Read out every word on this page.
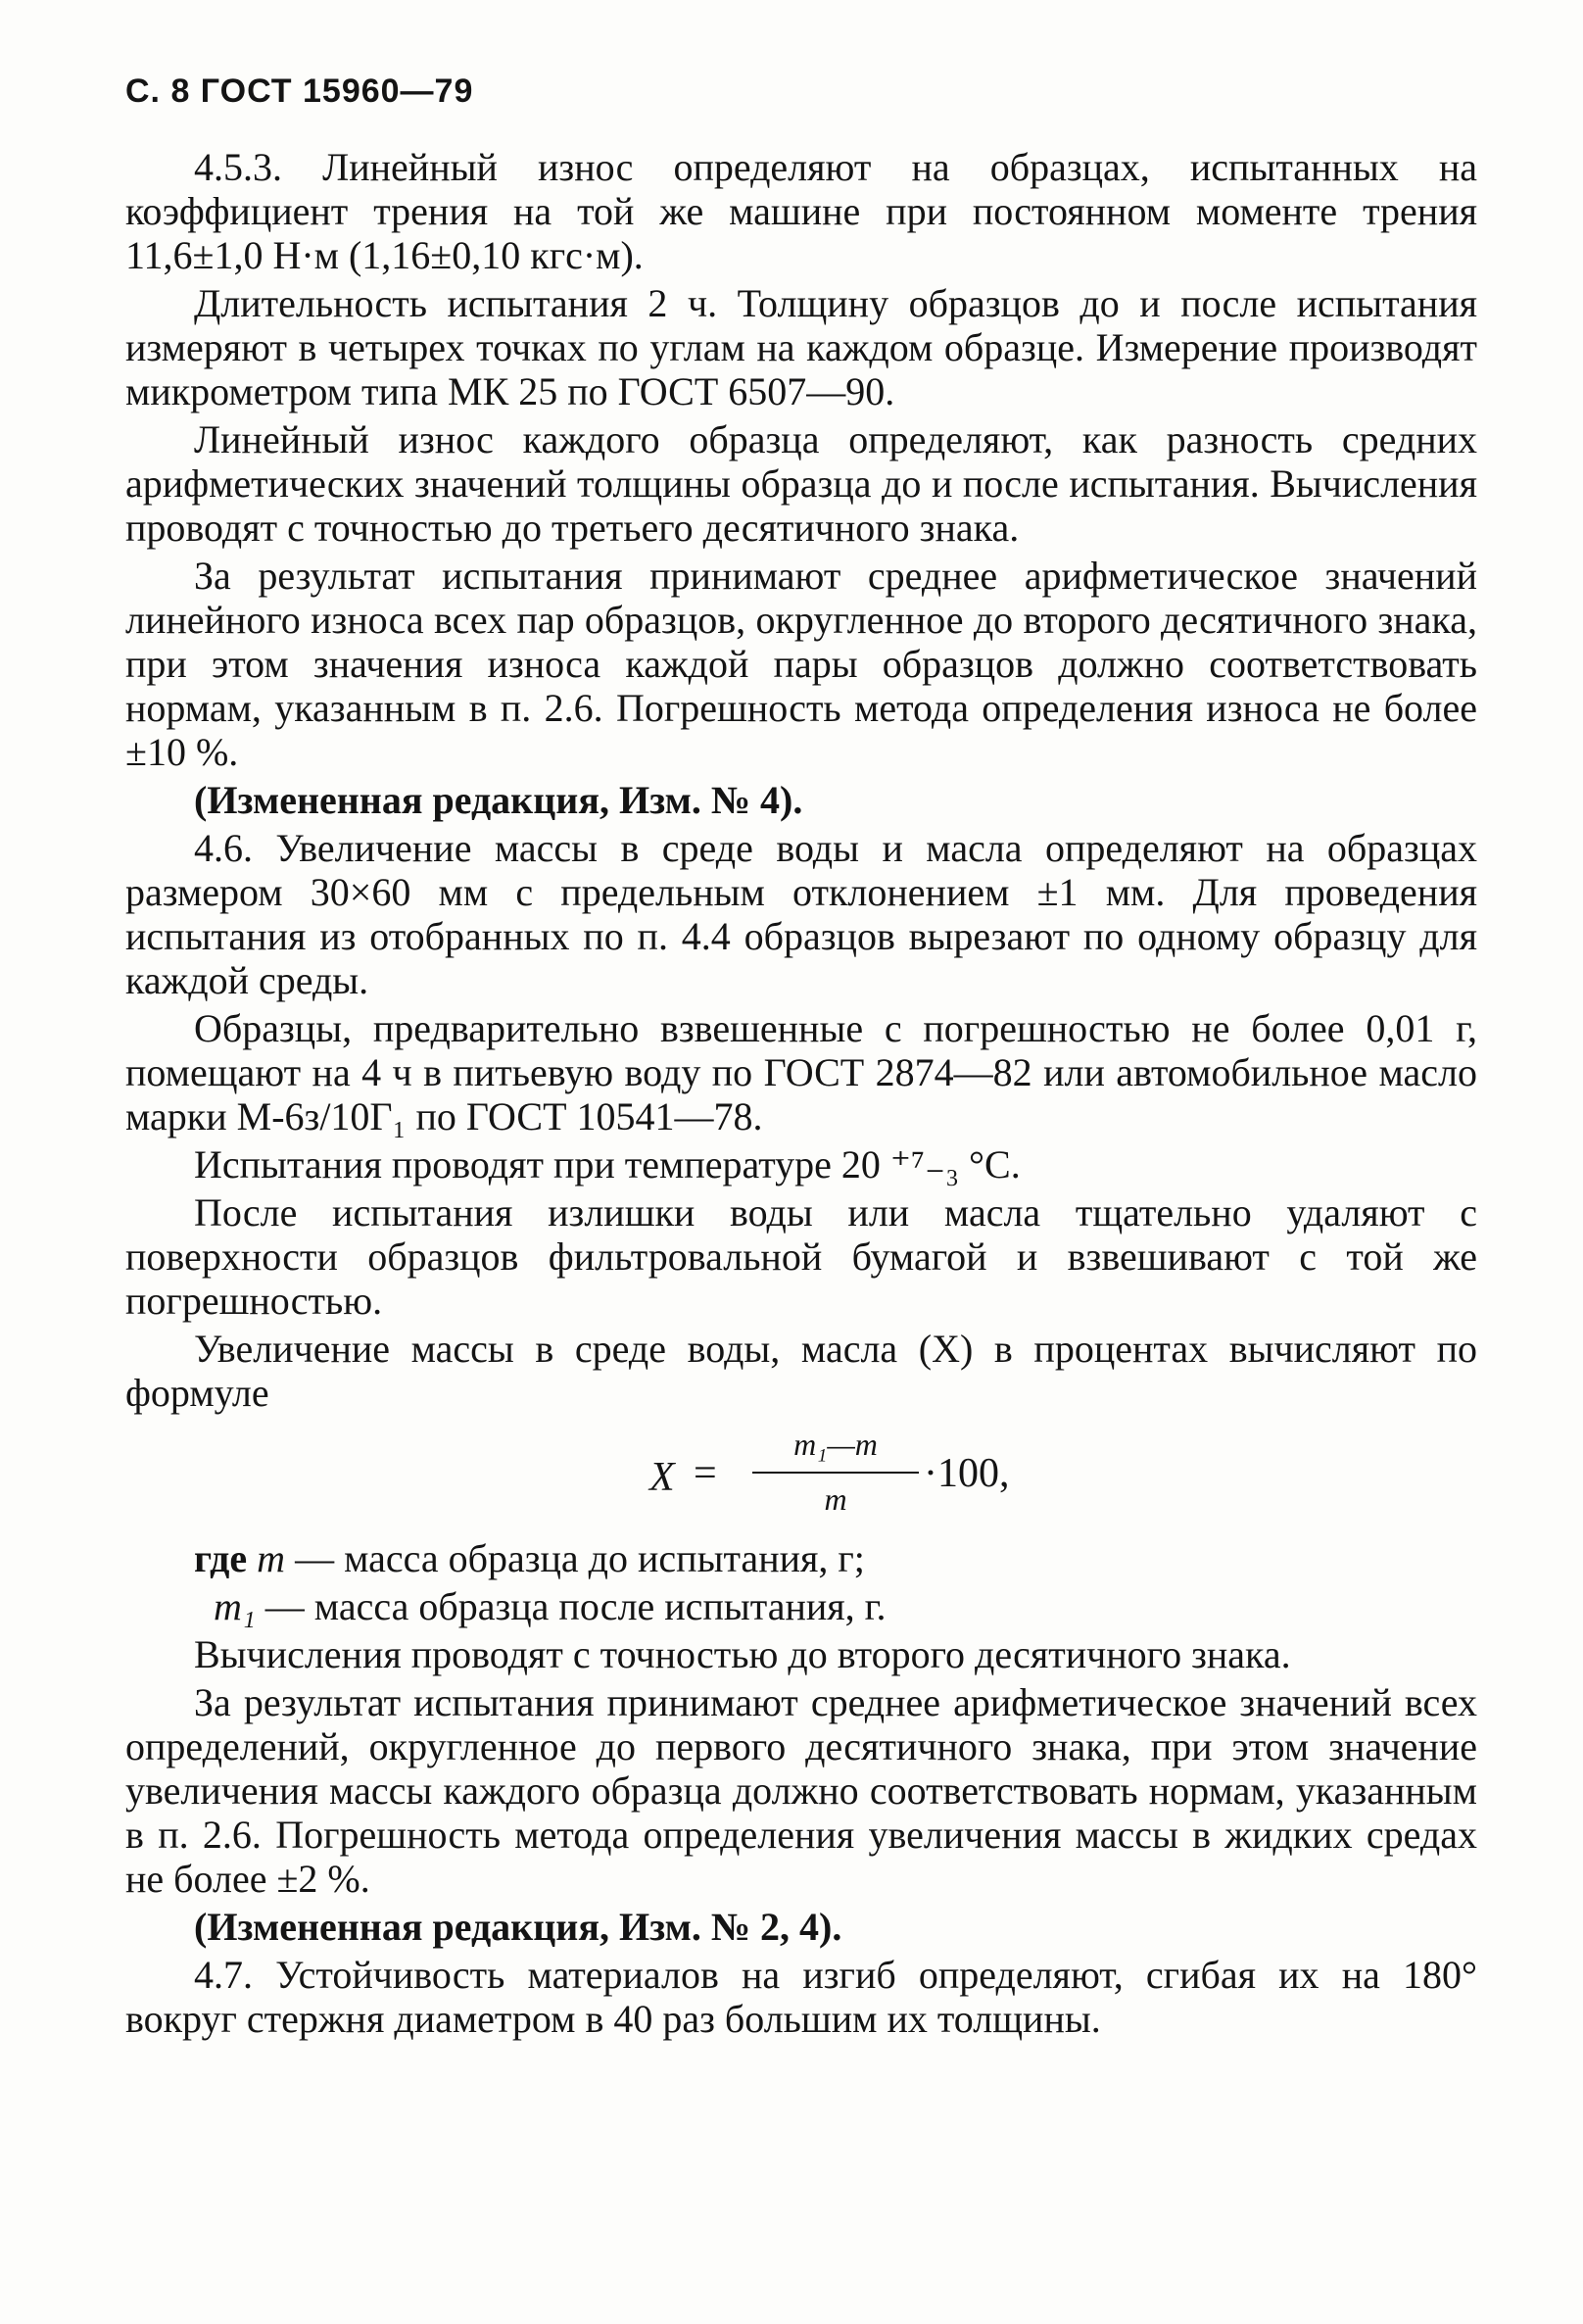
С. 8 ГОСТ 15960—79

4.5.3. Линейный износ определяют на образцах, испытанных на коэффициент трения на той же машине при постоянном моменте трения 11,6±1,0 Н·м (1,16±0,10 кгс·м).

Длительность испытания 2 ч. Толщину образцов до и после испытания измеряют в четырех точках по углам на каждом образце. Измерение производят микрометром типа МК 25 по ГОСТ 6507—90.

Линейный износ каждого образца определяют, как разность средних арифметических значений толщины образца до и после испытания. Вычисления проводят с точностью до третьего десятичного знака.

За результат испытания принимают среднее арифметическое значений линейного износа всех пар образцов, округленное до второго десятичного знака, при этом значения износа каждой пары образцов должно соответствовать нормам, указанным в п. 2.6. Погрешность метода определения износа не более ±10 %.

(Измененная редакция, Изм. № 4).

4.6. Увеличение массы в среде воды и масла определяют на образцах размером 30×60 мм с предельным отклонением ±1 мм. Для проведения испытания из отобранных по п. 4.4 образцов вырезают по одному образцу для каждой среды.

Образцы, предварительно взвешенные с погрешностью не более 0,01 г, помещают на 4 ч в питьевую воду по ГОСТ 2874—82 или автомобильное масло марки М-6з/10Г₁ по ГОСТ 10541—78.

Испытания проводят при температуре 20 ⁺⁷₋₃ °С.

После испытания излишки воды или масла тщательно удаляют с поверхности образцов фильтровальной бумагой и взвешивают с той же погрешностью.

Увеличение массы в среде воды, масла (X) в процентах вычисляют по формуле

X =
m₁—m
m
·100,

где m — масса образца до испытания, г;

m₁ — масса образца после испытания, г.

Вычисления проводят с точностью до второго десятичного знака.

За результат испытания принимают среднее арифметическое значений всех определений, округленное до первого десятичного знака, при этом значение увеличения массы каждого образца должно соответствовать нормам, указанным в п. 2.6. Погрешность метода определения увеличения массы в жидких средах не более ±2 %.

(Измененная редакция, Изм. № 2, 4).

4.7. Устойчивость материалов на изгиб определяют, сгибая их на 180° вокруг стержня диаметром в 40 раз большим их толщины.
